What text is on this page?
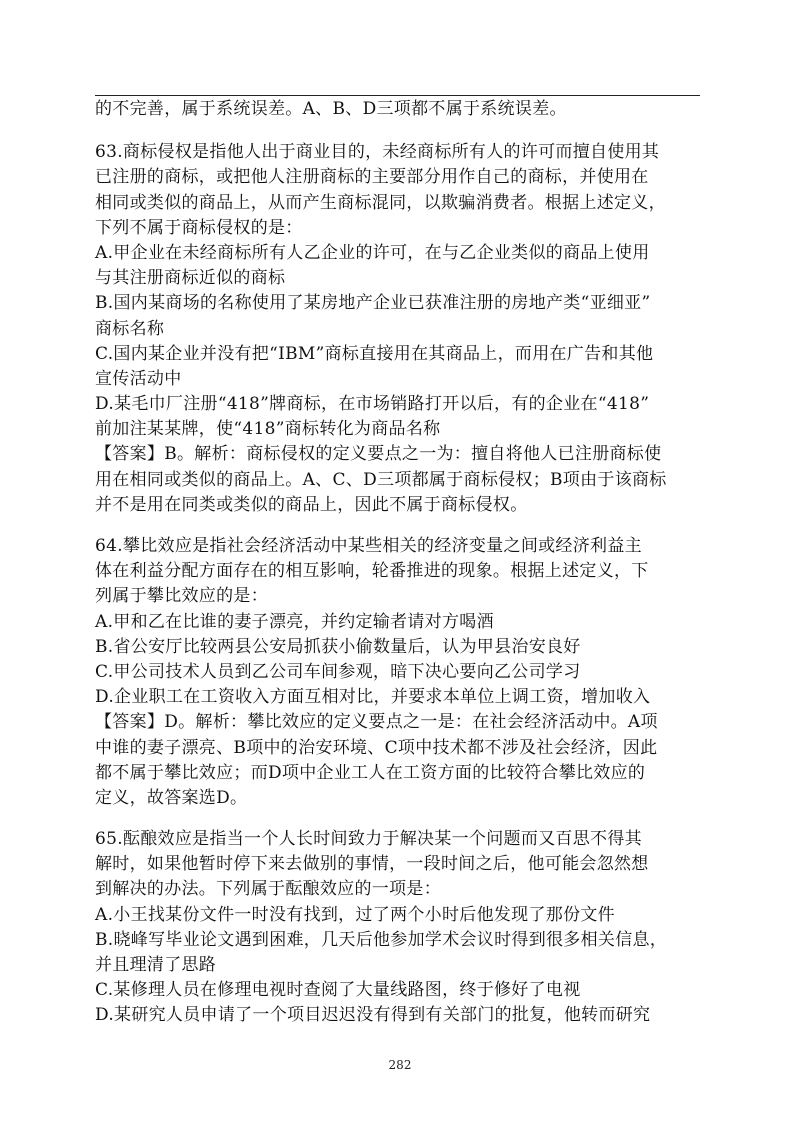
的不完善，属于系统误差。A、B、D三项都不属于系统误差。
63.商标侵权是指他人出于商业目的，未经商标所有人的许可而擅自使用其
已注册的商标，或把他人注册商标的主要部分用作自己的商标，并使用在
相同或类似的商品上，从而产生商标混同，以欺骗消费者。根据上述定义，
下列不属于商标侵权的是：
A.甲企业在未经商标所有人乙企业的许可，在与乙企业类似的商品上使用
与其注册商标近似的商标
B.国内某商场的名称使用了某房地产企业已获准注册的房地产类“亚细亚”
商标名称
C.国内某企业并没有把“IBM”商标直接用在其商品上，而用在广告和其他
宣传活动中
D.某毛巾厂注册“418”牌商标，在市场销路打开以后，有的企业在“418”
前加注某某牌，使“418”商标转化为商品名称
【答案】B。解析：商标侵权的定义要点之一为：擅自将他人已注册商标使
用在相同或类似的商品上。A、C、D三项都属于商标侵权；B项由于该商标
并不是用在同类或类似的商品上，因此不属于商标侵权。
64.攀比效应是指社会经济活动中某些相关的经济变量之间或经济利益主
体在利益分配方面存在的相互影响，轮番推进的现象。根据上述定义，下
列属于攀比效应的是：
A.甲和乙在比谁的妻子漂亮，并约定输者请对方喝酒
B.省公安厅比较两县公安局抓获小偷数量后，认为甲县治安良好
C.甲公司技术人员到乙公司车间参观，暗下决心要向乙公司学习
D.企业职工在工资收入方面互相对比，并要求本单位上调工资，增加收入
【答案】D。解析：攀比效应的定义要点之一是：在社会经济活动中。A项
中谁的妻子漂亮、B项中的治安环境、C项中技术都不涉及社会经济，因此
都不属于攀比效应；而D项中企业工人在工资方面的比较符合攀比效应的
定义，故答案选D。
65.酝酿效应是指当一个人长时间致力于解决某一个问题而又百思不得其
解时，如果他暂时停下来去做别的事情，一段时间之后，他可能会忽然想
到解决的办法。下列属于酝酿效应的一项是：
A.小王找某份文件一时没有找到，过了两个小时后他发现了那份文件
B.晓峰写毕业论文遇到困难，几天后他参加学术会议时得到很多相关信息，
并且理清了思路
C.某修理人员在修理电视时查阅了大量线路图，终于修好了电视
D.某研究人员申请了一个项目迟迟没有得到有关部门的批复，他转而研究
282
